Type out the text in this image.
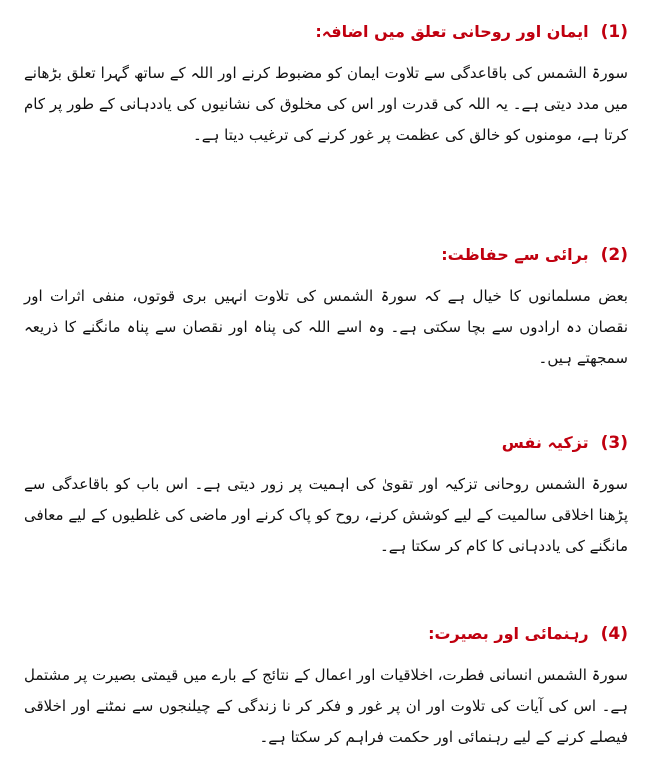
(1)
ایمان اور روحانی تعلق میں اضافہ:
سورۃ الشمس کی باقاعدگی سے تلاوت ایمان کو مضبوط کرنے اور اللہ کے ساتھ گہرا تعلق بڑھانے میں مدد دیتی ہے۔ یہ اللہ کی قدرت اور اس کی مخلوق کی نشانیوں کی یاددہانی کے طور پر کام کرتا ہے، مومنوں کو خالق کی عظمت پر غور کرنے کی ترغیب دیتا ہے۔
(2)
برائی سے حفاظت:
بعض مسلمانوں کا خیال ہے کہ سورۃ الشمس کی تلاوت انہیں بری قوتوں، منفی اثرات اور نقصان دہ ارادوں سے بچا سکتی ہے۔ وہ اسے اللہ کی پناہ اور نقصان سے پناہ مانگنے کا ذریعہ سمجھتے ہیں۔
(3)
تزکیہ نفس
سورۃ الشمس روحانی تزکیہ اور تقویٰ کی اہمیت پر زور دیتی ہے۔ اس باب کو باقاعدگی سے پڑھنا اخلاقی سالمیت کے لیے کوشش کرنے، روح کو پاک کرنے اور ماضی کی غلطیوں کے لیے معافی مانگنے کی یاددہانی کا کام کر سکتا ہے۔
(4)
رہنمائی اور بصیرت:
سورۃ الشمس انسانی فطرت، اخلاقیات اور اعمال کے نتائج کے بارے میں قیمتی بصیرت پر مشتمل ہے۔ اس کی آیات کی تلاوت اور ان پر غور و فکر کر نا زندگی کے چیلنجوں سے نمٹنے اور اخلاقی فیصلے کرنے کے لیے رہنمائی اور حکمت فراہم کر سکتا ہے۔
